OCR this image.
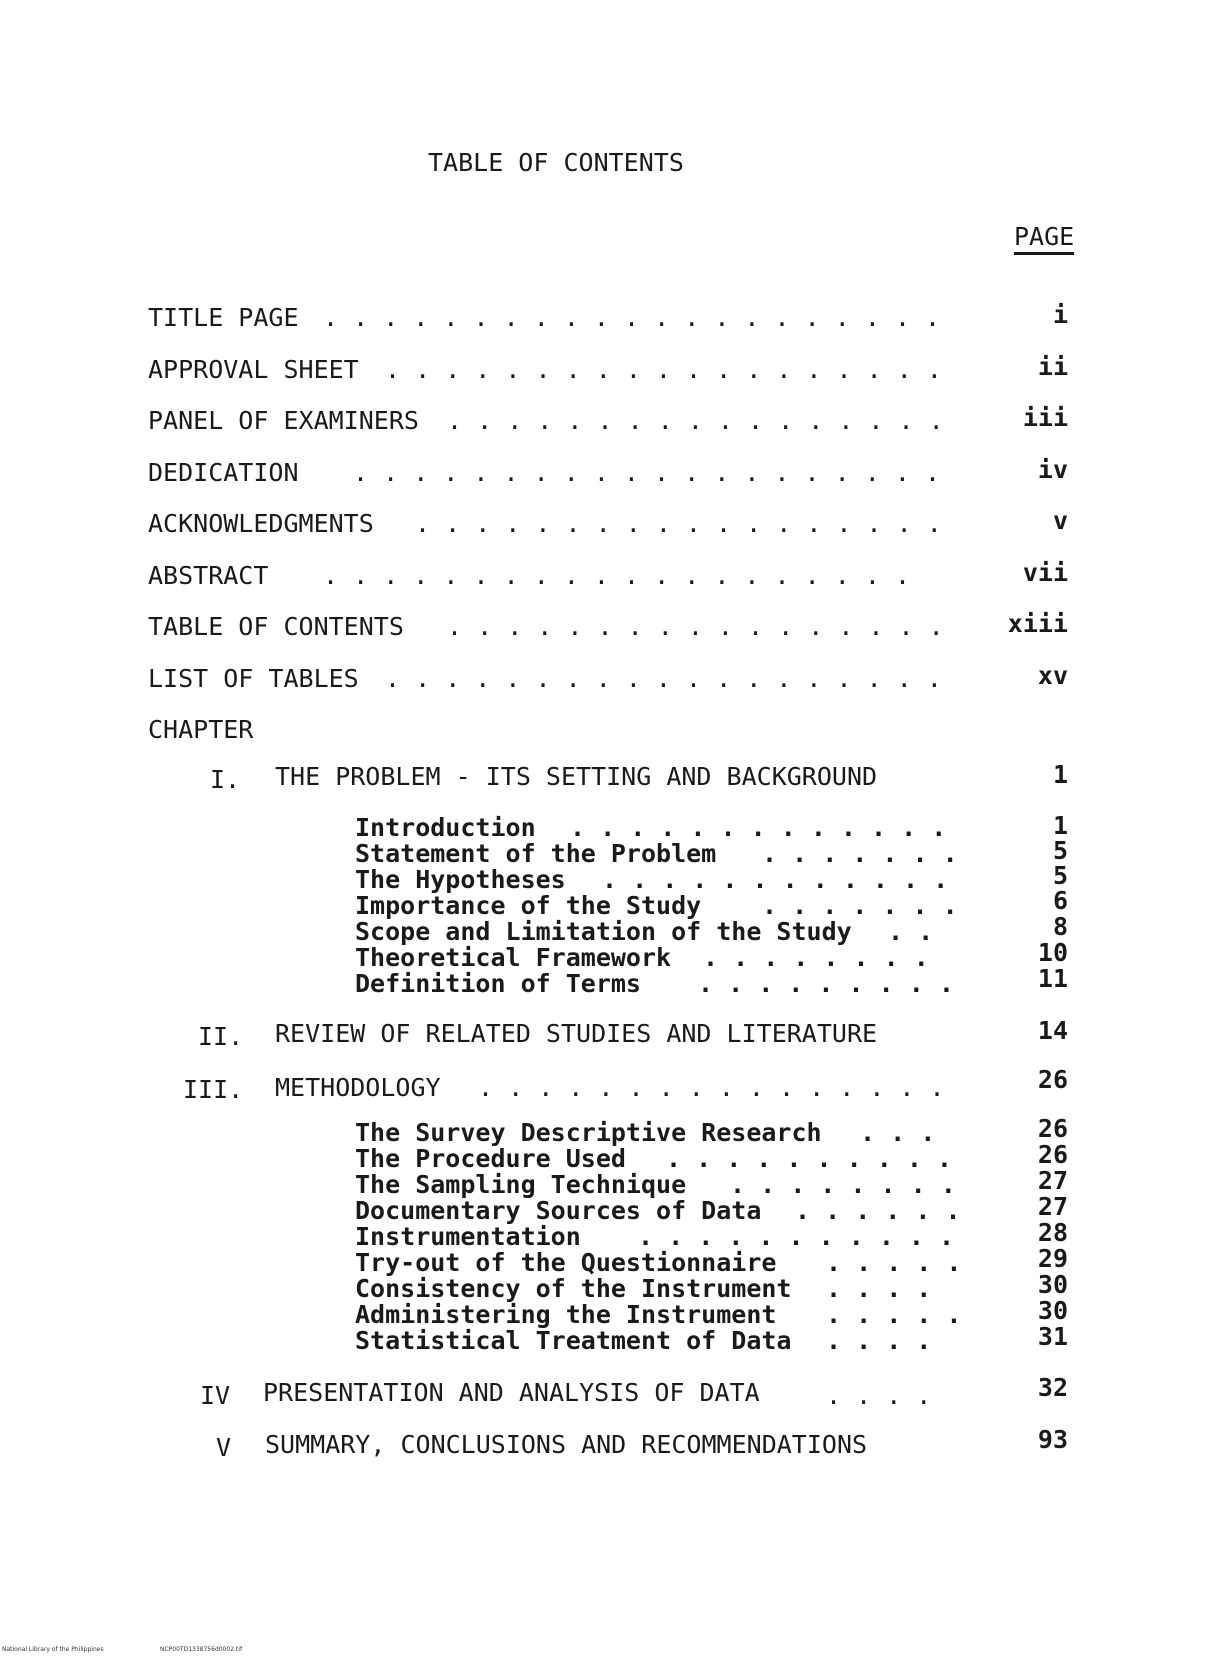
TABLE OF CONTENTS
PAGE
TITLE PAGE . . . . . . . . . . . . . . . . . . . . .	i
APPROVAL SHEET . . . . . . . . . . . . . . . . . . .	ii
PANEL OF EXAMINERS . . . . . . . . . . . . . . . . .	iii
DEDICATION . . . . . . . . . . . . . . . . . . . .	iv
ACKNOWLEDGMENTS . . . . . . . . . . . . . . . . . .	v
ABSTRACT . . . . . . . . . . . . . . . . . . . .	vii
TABLE OF CONTENTS . . . . . . . . . . . . . . . . .	xiii
LIST OF TABLES . . . . . . . . . . . . . . . . . . .	xv
CHAPTER
I. THE PROBLEM - ITS SETTING AND BACKGROUND	1
Introduction . . . . . . . . . . . . .	1
Statement of the Problem . . . . . . .	5
The Hypotheses . . . . . . . . . . . .	5
Importance of the Study . . . . . . .	6
Scope and Limitation of the Study . .	8
Theoretical Framework . . . . . . . .	10
Definition of Terms . . . . . . . . .	11
II. REVIEW OF RELATED STUDIES AND LITERATURE	14
III. METHODOLOGY . . . . . . . . . . . . . . . .	26
The Survey Descriptive Research . . .	26
The Procedure Used . . . . . . . . . .	26
The Sampling Technique . . . . . . . .	27
Documentary Sources of Data . . . . . .	27
Instrumentation . . . . . . . . . . .	28
Try-out of the Questionnaire . . . . .	29
Consistency of the Instrument . . . .	30
Administering the Instrument . . . . .	30
Statistical Treatment of Data . . . .	31
IV PRESENTATION AND ANALYSIS OF DATA	. . . .	32
V SUMMARY, CONCLUSIONS AND RECOMMENDATIONS	93
National Library of the Philippines	NCP00TD1338756d0002.tif
